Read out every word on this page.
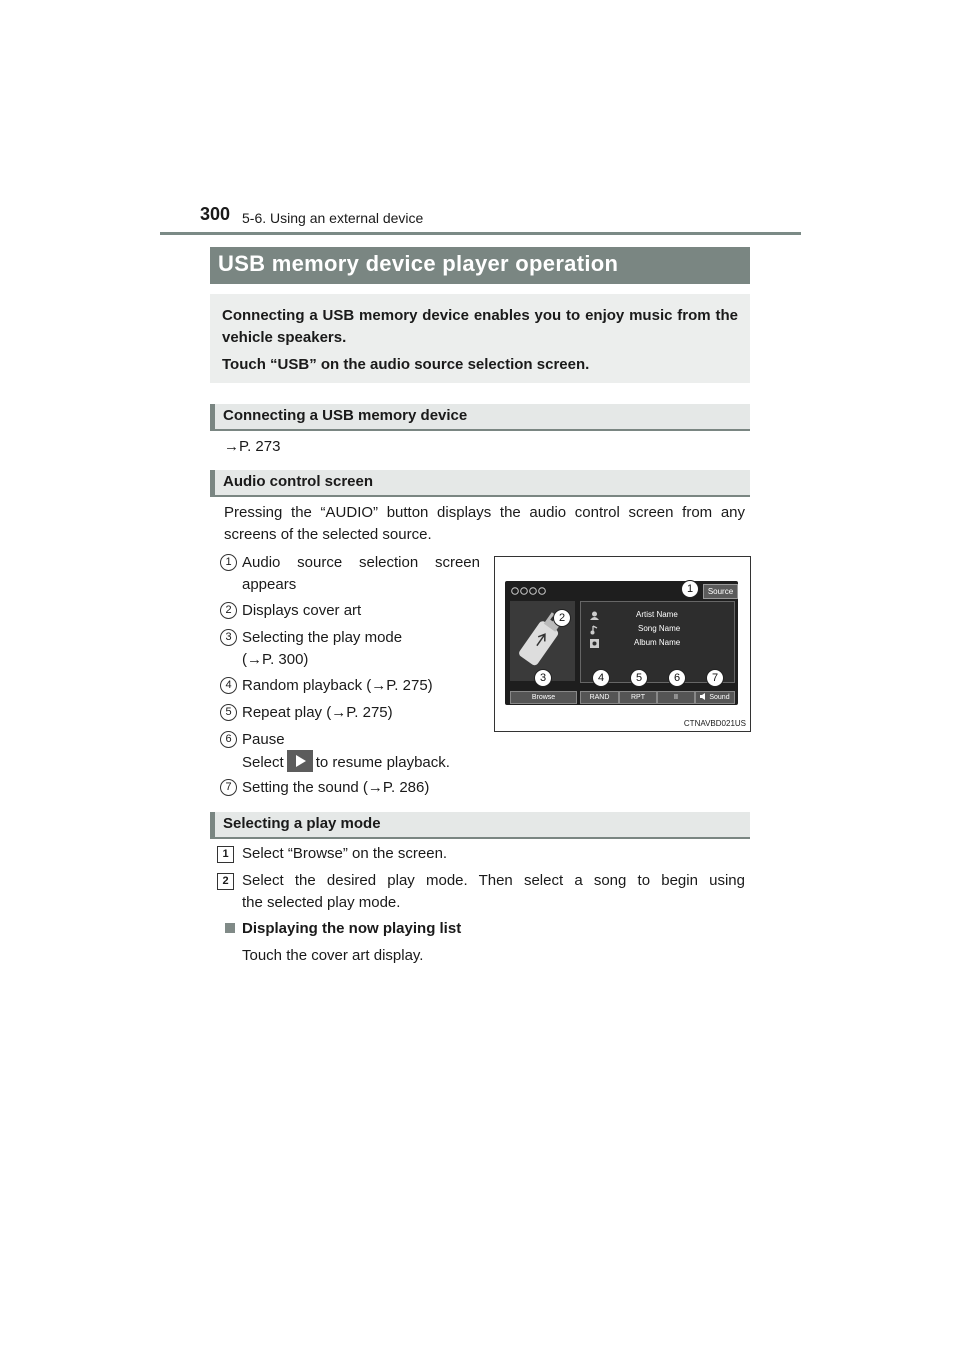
300 5-6. Using an external device
USB memory device player operation

Connecting a USB memory device enables you to enjoy music from the vehicle speakers.

Touch “USB” on the audio source selection screen.

Connecting a USB memory device
→P. 273
Audio control screen
Pressing the “AUDIO” button displays the audio control screen from any screens of the selected source.
1 Audio source selection screen
appears
2 Displays cover art
3 Selecting the play mode
(→P. 300)
4 Random playback (→P. 275)
5 Repeat play (→P. 275)
6 Pause
Select to resume playback.
7 Setting the sound (→P. 286)
Source
Artist Name
Song Name
Album Name
Browse	RAND	RPT	II	Sound
1
2
3	4	5	6	7
CTNAVBD021US
Selecting a play mode
1 Select “Browse” on the screen.
2 Select the desired play mode. Then select a song to begin using
the selected play mode.
Displaying the now playing list
Touch the cover art display.
